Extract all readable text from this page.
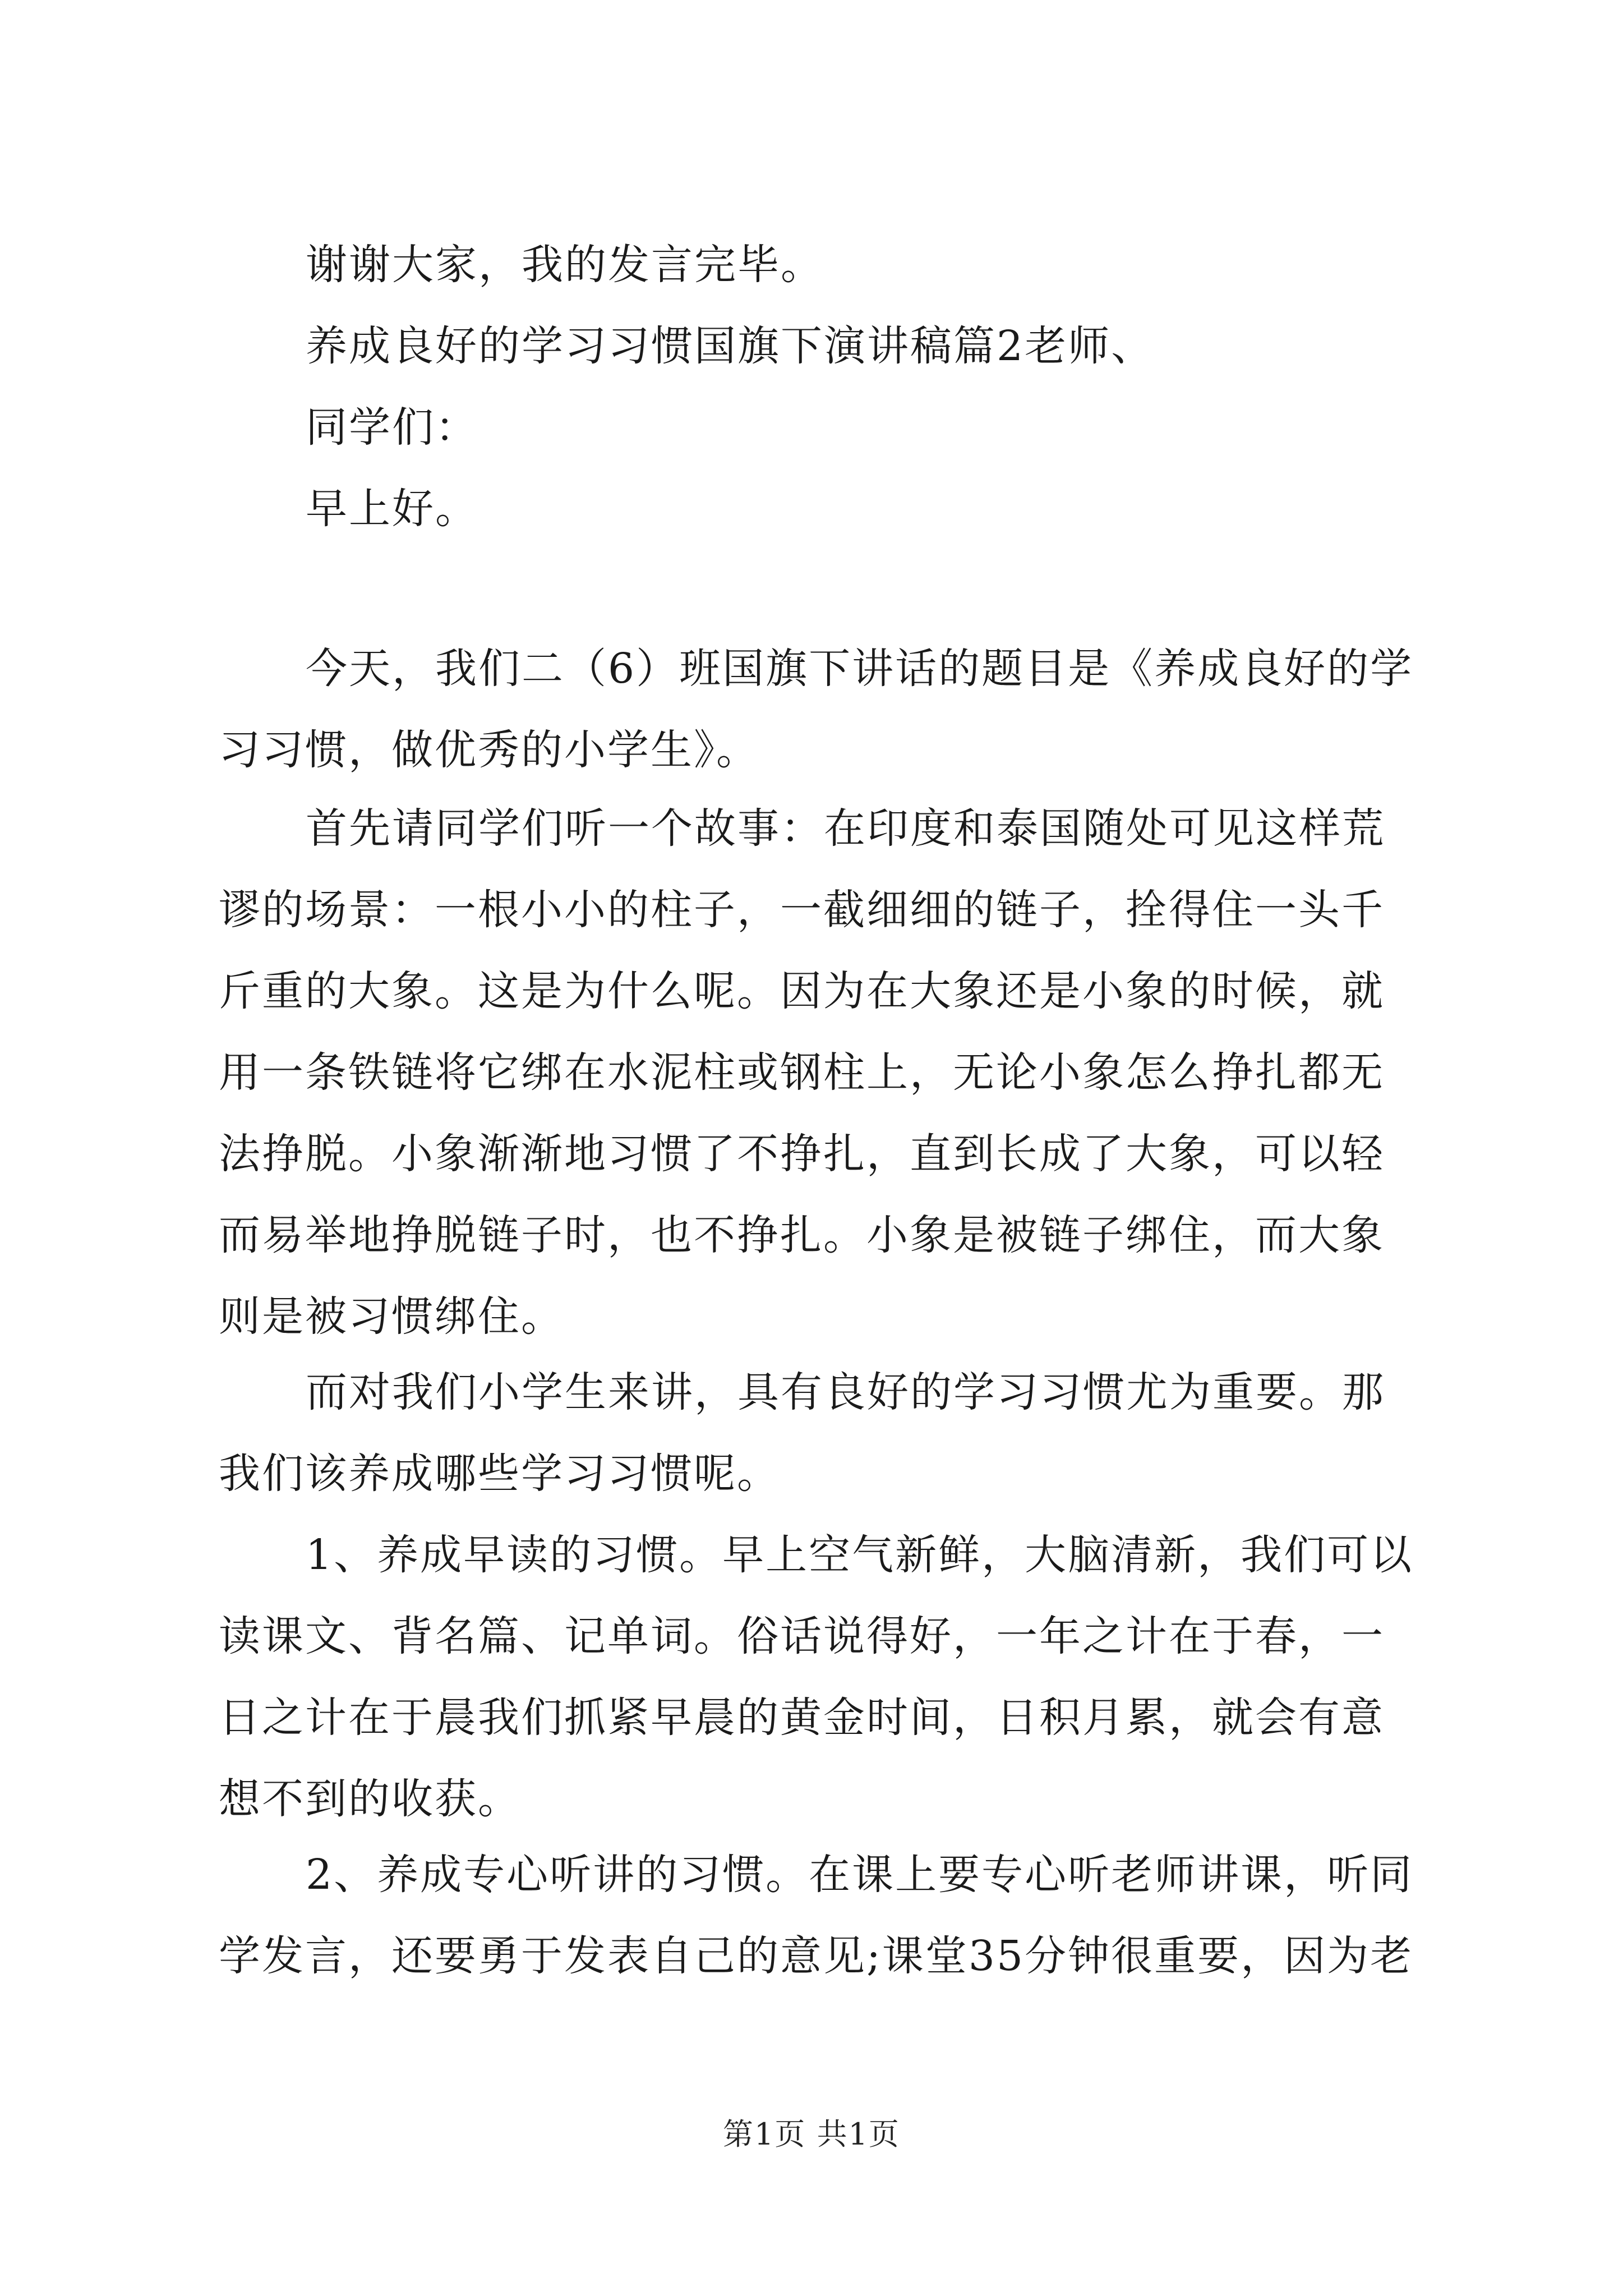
谢谢大家，我的发言完毕。

养成良好的学习习惯国旗下演讲稿篇2老师、

同学们：

早上好。

今天，我们二（6）班国旗下讲话的题目是《养成良好的学习习惯，做优秀的小学生》。

首先请同学们听一个故事：在印度和泰国随处可见这样荒谬的场景：一根小小的柱子，一截细细的链子，拴得住一头千斤重的大象。这是为什么呢。因为在大象还是小象的时候，就用一条铁链将它绑在水泥柱或钢柱上，无论小象怎么挣扎都无法挣脱。小象渐渐地习惯了不挣扎，直到长成了大象，可以轻而易举地挣脱链子时，也不挣扎。小象是被链子绑住，而大象则是被习惯绑住。

而对我们小学生来讲，具有良好的学习习惯尤为重要。那我们该养成哪些学习习惯呢。

1、养成早读的习惯。早上空气新鲜，大脑清新，我们可以读课文、背名篇、记单词。俗话说得好，一年之计在于春，一日之计在于晨我们抓紧早晨的黄金时间，日积月累，就会有意想不到的收获。

2、养成专心听讲的习惯。在课上要专心听老师讲课，听同学发言，还要勇于发表自己的意见;课堂35分钟很重要，因为老

第1页 共1页
